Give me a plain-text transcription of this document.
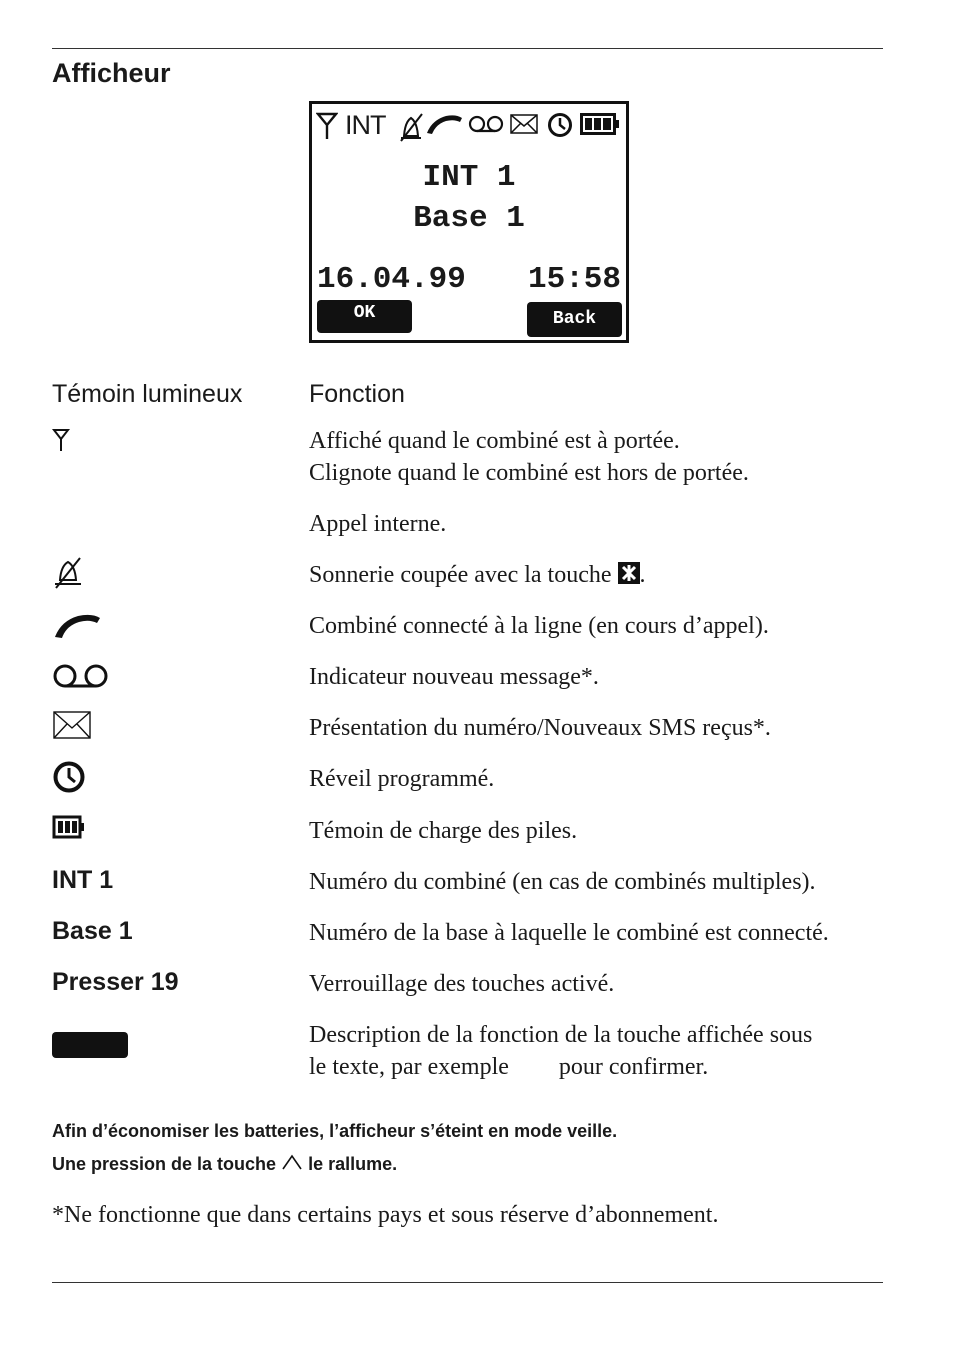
Afficheur
INT
INT 1
Base 1
16.04.99 15:58
OK	Back
Témoin lumineux	Fonction
Affiché quand le combiné est à portée.
Clignote quand le combiné est hors de portée.
Appel interne.
Sonnerie coupée avec la touche .
Combiné connecté à la ligne (en cours d’appel).
Indicateur nouveau message*.
Présentation du numéro/Nouveaux SMS reçus*.
Réveil programmé.
Témoin de charge des piles.
INT 1	Numéro du combiné (en cas de combinés multiples).
Base 1	Numéro de la base à laquelle le combiné est connecté.
Presser 19	Verrouillage des touches activé.
Description de la fonction de la touche affichée sous
le texte, par exemple pour confirmer.
Afin d’économiser les batteries, l’afficheur s’éteint en mode veille.
Une pression de la touche le rallume.
*Ne fonctionne que dans certains pays et sous réserve d’abonnement.
